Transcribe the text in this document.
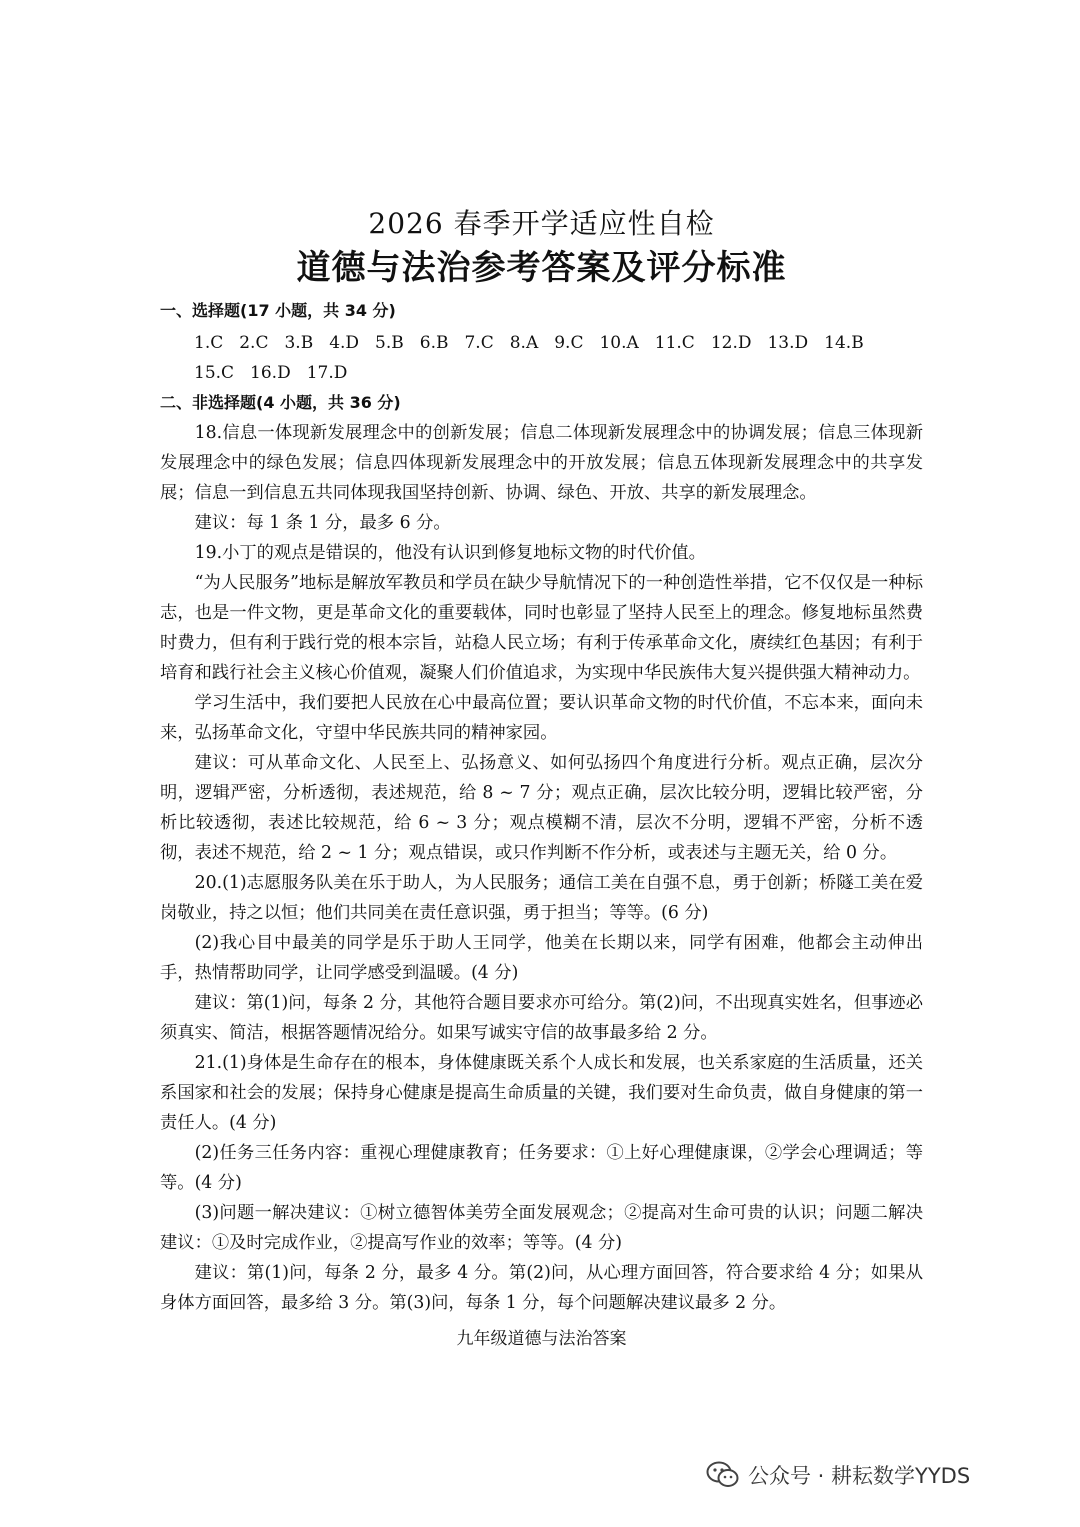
2026 春季开学适应性自检

道德与法治参考答案及评分标准

一、选择题(17 小题，共 34 分)

1.C 2.C 3.B 4.D 5.B 6.B 7.C 8.A 9.C 10.A 11.C 12.D 13.D 14.B15.C 16.D 17.D

二、非选择题(4 小题，共 36 分)

18.信息一体现新发展理念中的创新发展；信息二体现新发展理念中的协调发展；信息三体现新发展理念中的绿色发展；信息四体现新发展理念中的开放发展；信息五体现新发展理念中的共享发展；信息一到信息五共同体现我国坚持创新、协调、绿色、开放、共享的新发展理念。

建议：每 1 条 1 分，最多 6 分。

19.小丁的观点是错误的，他没有认识到修复地标文物的时代价值。

“为人民服务”地标是解放军教员和学员在缺少导航情况下的一种创造性举措，它不仅仅是一种标志，也是一件文物，更是革命文化的重要载体，同时也彰显了坚持人民至上的理念。修复地标虽然费时费力，但有利于践行党的根本宗旨，站稳人民立场；有利于传承革命文化，赓续红色基因；有利于培育和践行社会主义核心价值观，凝聚人们价值追求，为实现中华民族伟大复兴提供强大精神动力。

学习生活中，我们要把人民放在心中最高位置；要认识革命文物的时代价值，不忘本来，面向未来，弘扬革命文化，守望中华民族共同的精神家园。

建议：可从革命文化、人民至上、弘扬意义、如何弘扬四个角度进行分析。观点正确，层次分明，逻辑严密，分析透彻，表述规范，给 8 ~ 7 分；观点正确，层次比较分明，逻辑比较严密，分析比较透彻，表述比较规范，给 6 ~ 3 分；观点模糊不清，层次不分明，逻辑不严密，分析不透彻，表述不规范，给 2 ~ 1 分；观点错误，或只作判断不作分析，或表述与主题无关，给 0 分。

20.(1)志愿服务队美在乐于助人，为人民服务；通信工美在自强不息，勇于创新；桥隧工美在爱岗敬业，持之以恒；他们共同美在责任意识强，勇于担当；等等。(6 分)

(2)我心目中最美的同学是乐于助人王同学，他美在长期以来，同学有困难，他都会主动伸出手，热情帮助同学，让同学感受到温暖。(4 分)

建议：第(1)问，每条 2 分，其他符合题目要求亦可给分。第(2)问，不出现真实姓名，但事迹必须真实、简洁，根据答题情况给分。如果写诚实守信的故事最多给 2 分。

21.(1)身体是生命存在的根本，身体健康既关系个人成长和发展，也关系家庭的生活质量，还关系国家和社会的发展；保持身心健康是提高生命质量的关键，我们要对生命负责，做自身健康的第一责任人。(4 分)

(2)任务三任务内容：重视心理健康教育；任务要求：①上好心理健康课，②学会心理调适；等等。(4 分)

(3)问题一解决建议：①树立德智体美劳全面发展观念；②提高对生命可贵的认识；问题二解决建议：①及时完成作业，②提高写作业的效率；等等。(4 分)

建议：第(1)问，每条 2 分，最多 4 分。第(2)问，从心理方面回答，符合要求给 4 分；如果从身体方面回答，最多给 3 分。第(3)问，每条 1 分，每个问题解决建议最多 2 分。

九年级道德与法治答案
公众号 · 耕耘数学YYDS
